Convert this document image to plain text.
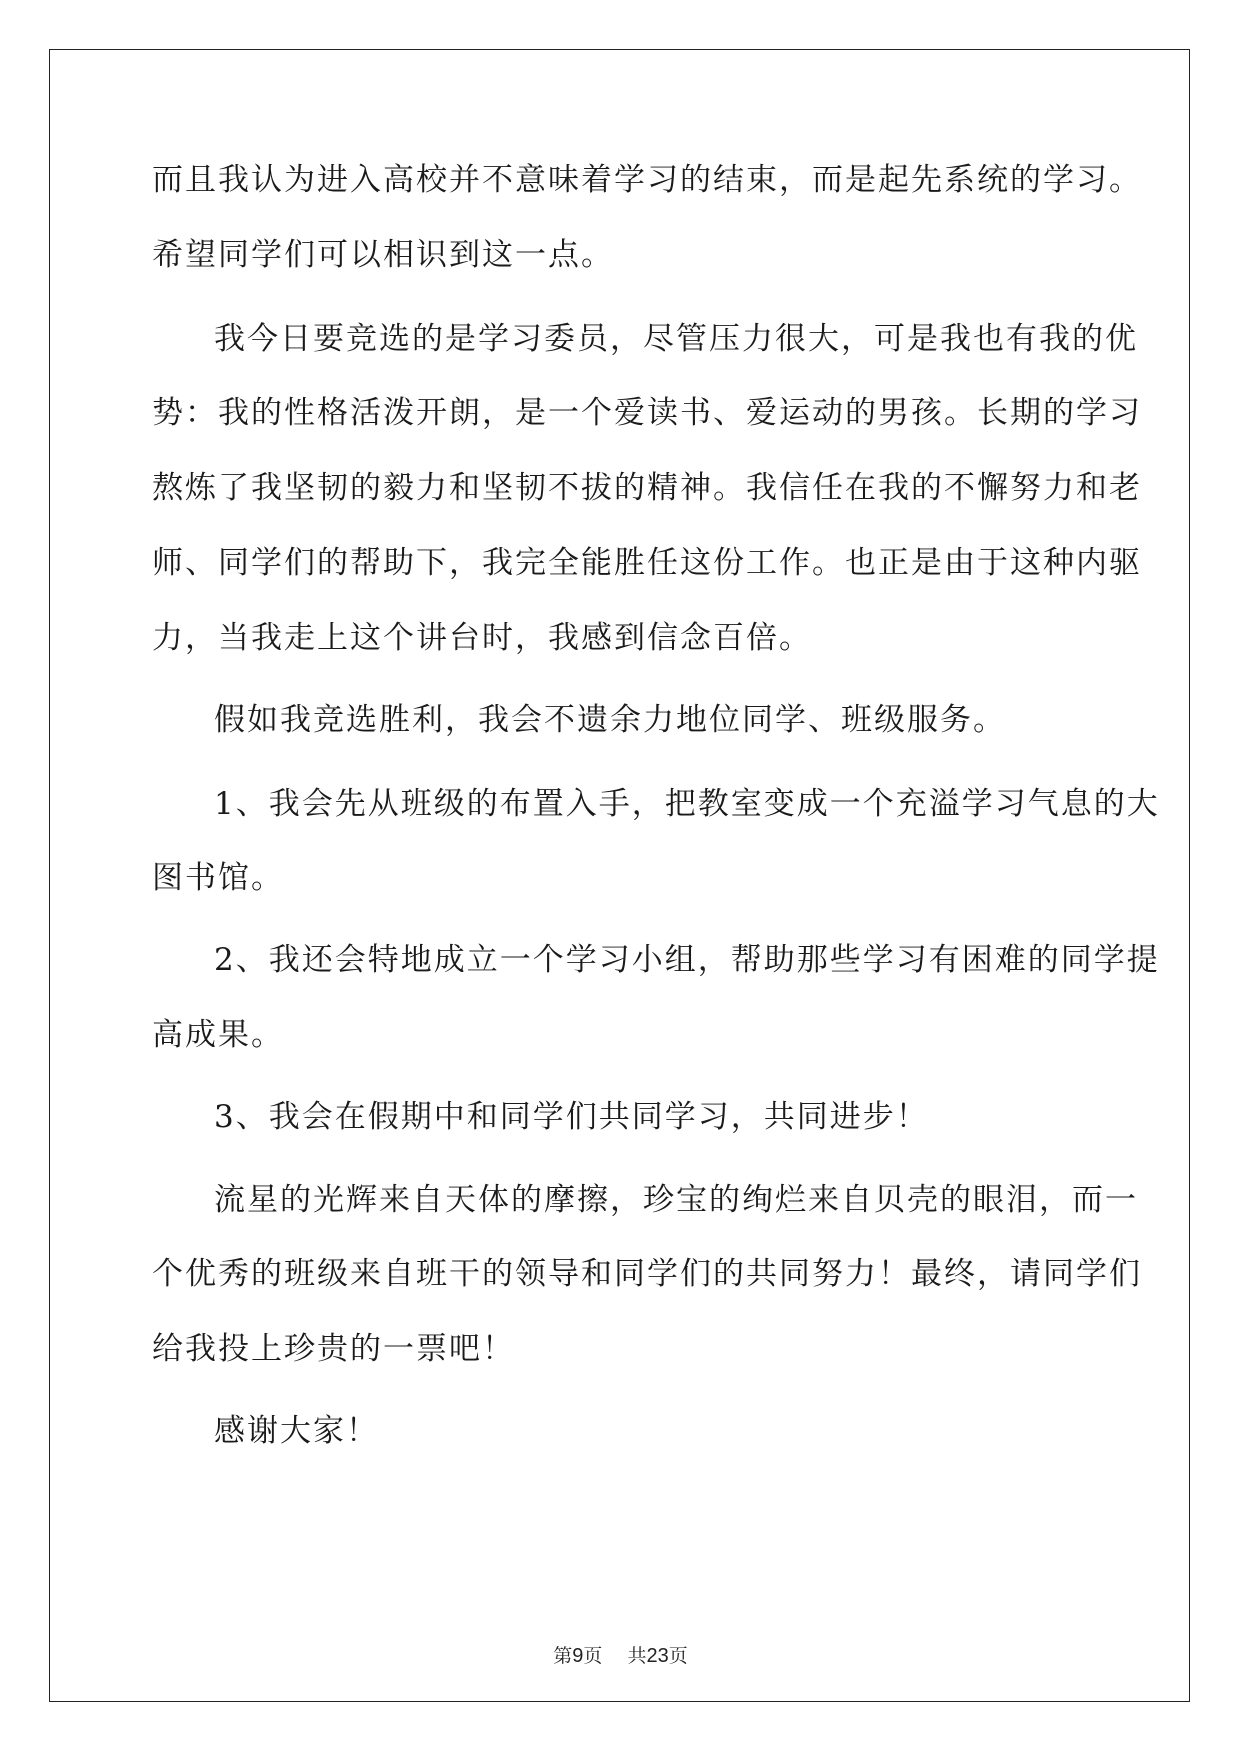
而且我认为进入高校并不意味着学习的结束，而是起先系统的学习。
希望同学们可以相识到这一点。
我今日要竞选的是学习委员，尽管压力很大，可是我也有我的优
势：我的性格活泼开朗，是一个爱读书、爱运动的男孩。长期的学习
熬炼了我坚韧的毅力和坚韧不拔的精神。我信任在我的不懈努力和老
师、同学们的帮助下，我完全能胜任这份工作。也正是由于这种内驱
力，当我走上这个讲台时，我感到信念百倍。
假如我竞选胜利，我会不遗余力地位同学、班级服务。
1、我会先从班级的布置入手，把教室变成一个充溢学习气息的大
图书馆。
2、我还会特地成立一个学习小组，帮助那些学习有困难的同学提
高成果。
3、我会在假期中和同学们共同学习，共同进步！
流星的光辉来自天体的摩擦，珍宝的绚烂来自贝壳的眼泪，而一
个优秀的班级来自班干的领导和同学们的共同努力！最终，请同学们
给我投上珍贵的一票吧！
感谢大家！
第9页   共23页
